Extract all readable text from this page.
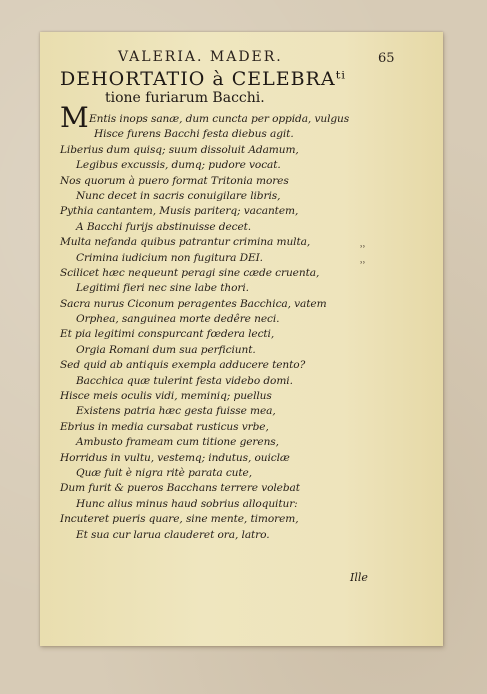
VALERIA. MADER.	65
DEHORTATIO à CELEBRAᵗⁱ
tione furiarum Bacchi.
M Entis inops sanæ, dum cuncta per oppida, vulgus
Hisce furens Bacchi festa diebus agit.
Liberius dum quisq; suum dissoluit Adamum,
Legibus excussis, dumq; pudore vocat.
Nos quorum à puero format Tritonia mores
Nunc decet in sacris conuigilare libris,
Pythia cantantem, Musis pariterq; vacantem,
A Bacchi furijs abstinuisse decet.
Multa nefanda quibus patrantur crimina multa,
Crimina iudicium non fugitura DEI.
Scilicet hæc nequeunt peragi sine cæde cruenta,
Legitimi fieri nec sine labe thori.
Sacra nurus Ciconum peragentes Bacchica, vatem
Orphea, sanguinea morte dedêre neci.
Et pia legitimi conspurcant fœdera lecti,
Orgia Romani dum sua perficiunt.
Sed quid ab antiquis exempla adducere tento?
Bacchica quæ tulerint festa videbo domi.
Hisce meis oculis vidi, meminiq; puellus
Existens patria hæc gesta fuisse mea,
Ebrius in media cursabat rusticus vrbe,
Ambusto frameam cum titione gerens,
Horridus in vultu, vestemq; indutus, ouiclæ
Quæ fuit è nigra ritè parata cute,
Dum furit & pueros Bacchans terrere volebat
Hunc alius minus haud sobrius alloquitur:
Incuteret pueris quare, sine mente, timorem,
Et sua cur larua clauderet ora, latro.
˒˒
˒˒
Ille
